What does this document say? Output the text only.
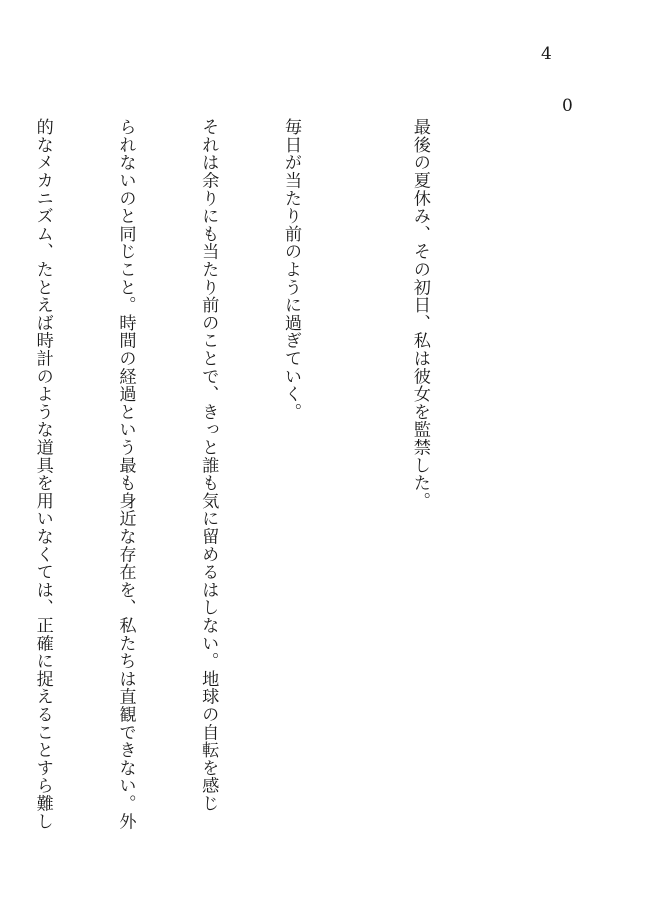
4
0

最後の夏休み、その初日、私は彼女を監禁した。

毎日が当たり前のように過ぎていく。

それは余りにも当たり前のことで、きっと誰も気に留めるはしない。地球の自転を感じ

られないのと同じこと。時間の経過という最も身近な存在を、私たちは直観できない。外

的なメカニズム、たとえば時計のような道具を用いなくては、正確に捉えることすら難し
